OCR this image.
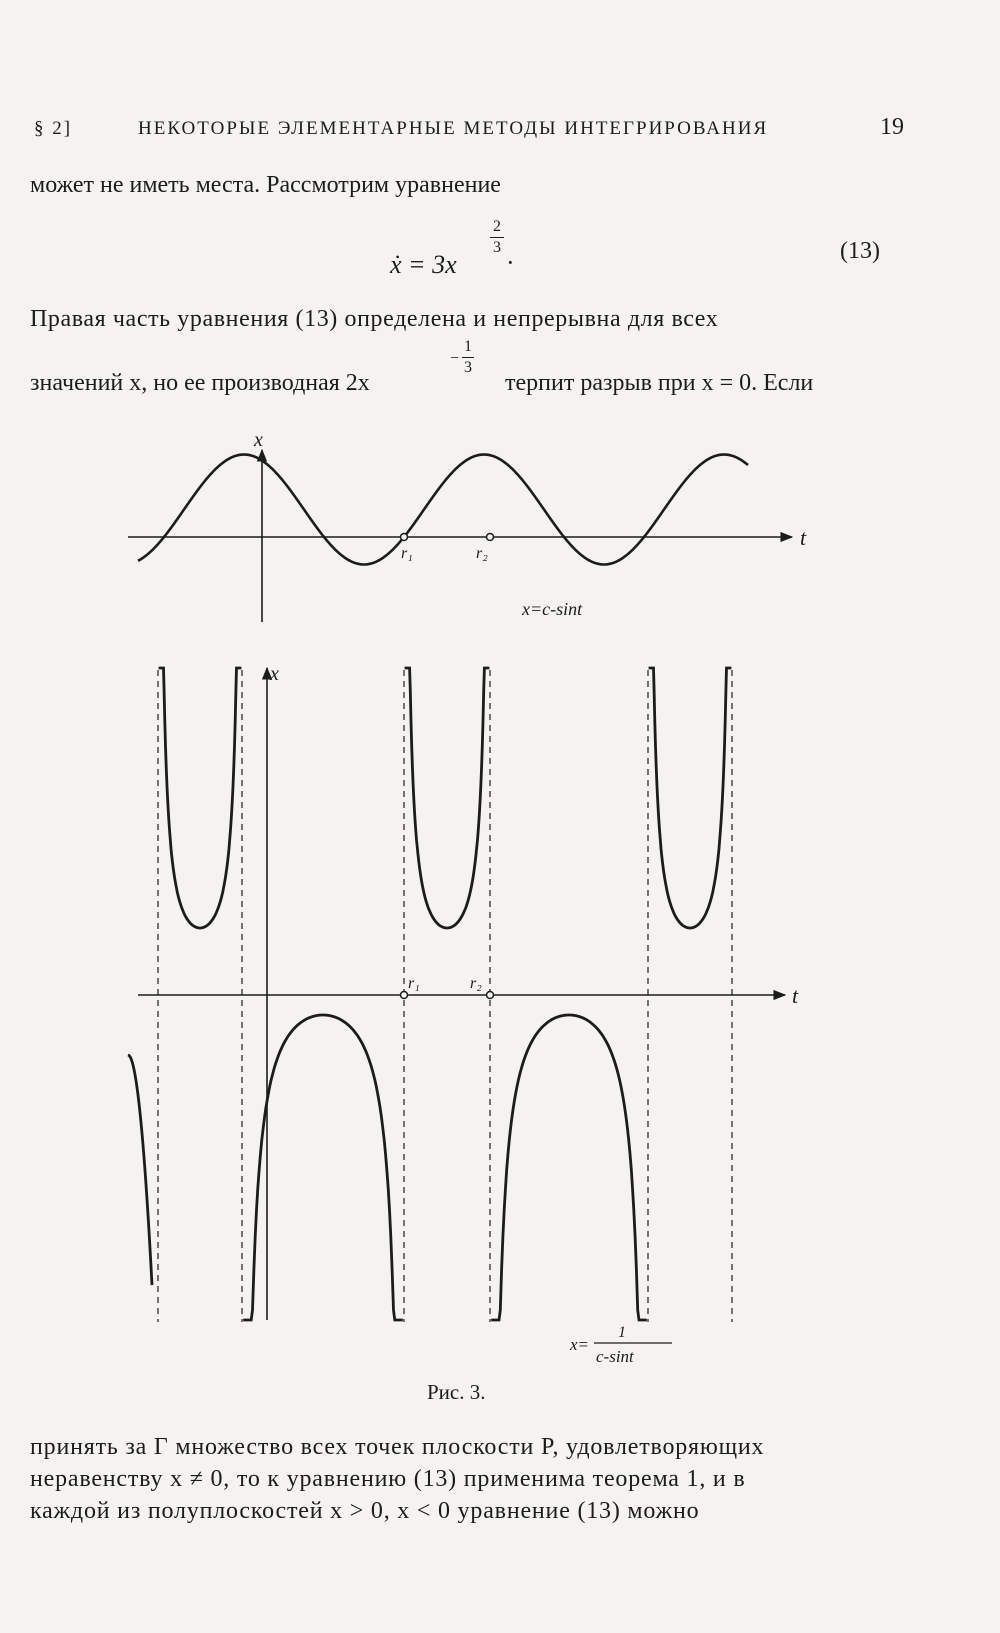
§ 2]	НЕКОТОРЫЕ ЭЛЕМЕНТАРНЫЕ МЕТОДЫ ИНТЕГРИРОВАНИЯ	19
может не иметь места. Рассмотрим уравнение
2
3
ẋ = 3x ·	(13)
Правая часть уравнения (13) определена и непрерывна для всех
−
1
3
значений x, но ее производная 2x	терпит разрыв при x = 0. Если
t
x
r₁	r₂
x=c-sint
t
x
r₁	r₂
x=
1
c-sint
Рис. 3.
принять за Г множество всех точек плоскости P, удовлетворяющих
неравенству x ≠ 0, то к уравнению (13) применима теорема 1, и в
каждой из полуплоскостей x > 0, x < 0 уравнение (13) можно
